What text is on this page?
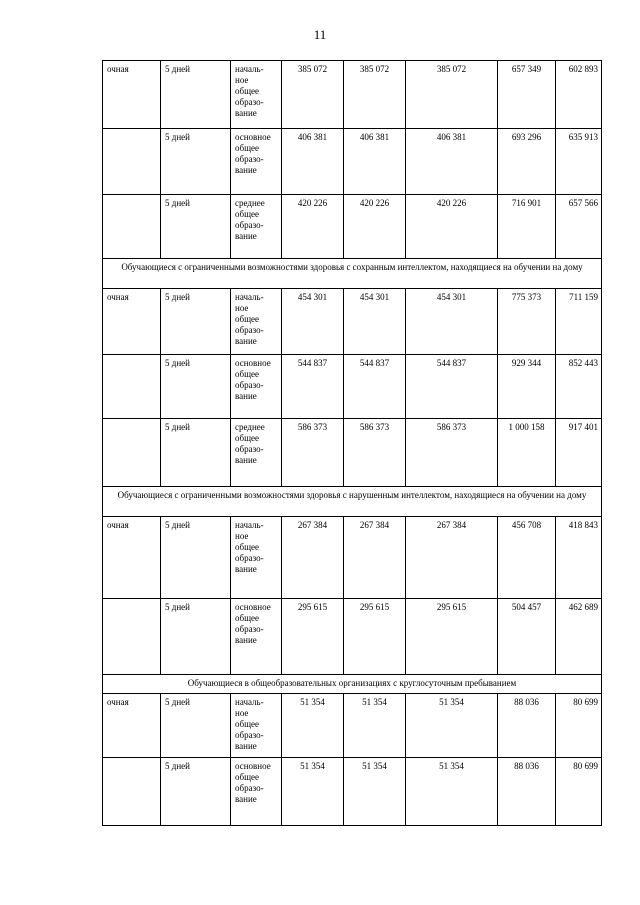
11
очная	5 дней	началь-
ное
общее
образо-
вание	385 072	385 072	385 072	657 349	602 893
	5 дней	основное
общее
образо-
вание	406 381	406 381	406 381	693 296	635 913
	5 дней	среднее
общее
образо-
вание	420 226	420 226	420 226	716 901	657 566
Обучающиеся с ограниченными возможностями здоровья с сохранным интеллектом, находящиеся на обучении на дому							
очная	5 дней	началь-
ное
общее
образо-
вание	454 301	454 301	454 301	775 373	711 159
	5 дней	основное
общее
образо-
вание	544 837	544 837	544 837	929 344	852 443
	5 дней	среднее
общее
образо-
вание	586 373	586 373	586 373	1 000 158	917 401
Обучающиеся с ограниченными возможностями здоровья с нарушенным интеллектом, находящиеся на обучении на дому							
очная	5 дней	началь-
ное
общее
образо-
вание	267 384	267 384	267 384	456 708	418 843
	5 дней	основное
общее
образо-
вание	295 615	295 615	295 615	504 457	462 689
Обучающиеся в общеобразовательных организациях с круглосуточным пребыванием							
очная	5 дней	началь-
ное
общее
образо-
вание	51 354	51 354	51 354	88 036	80 699
	5 дней	основное
общее
образо-
вание	51 354	51 354	51 354	88 036	80 699
